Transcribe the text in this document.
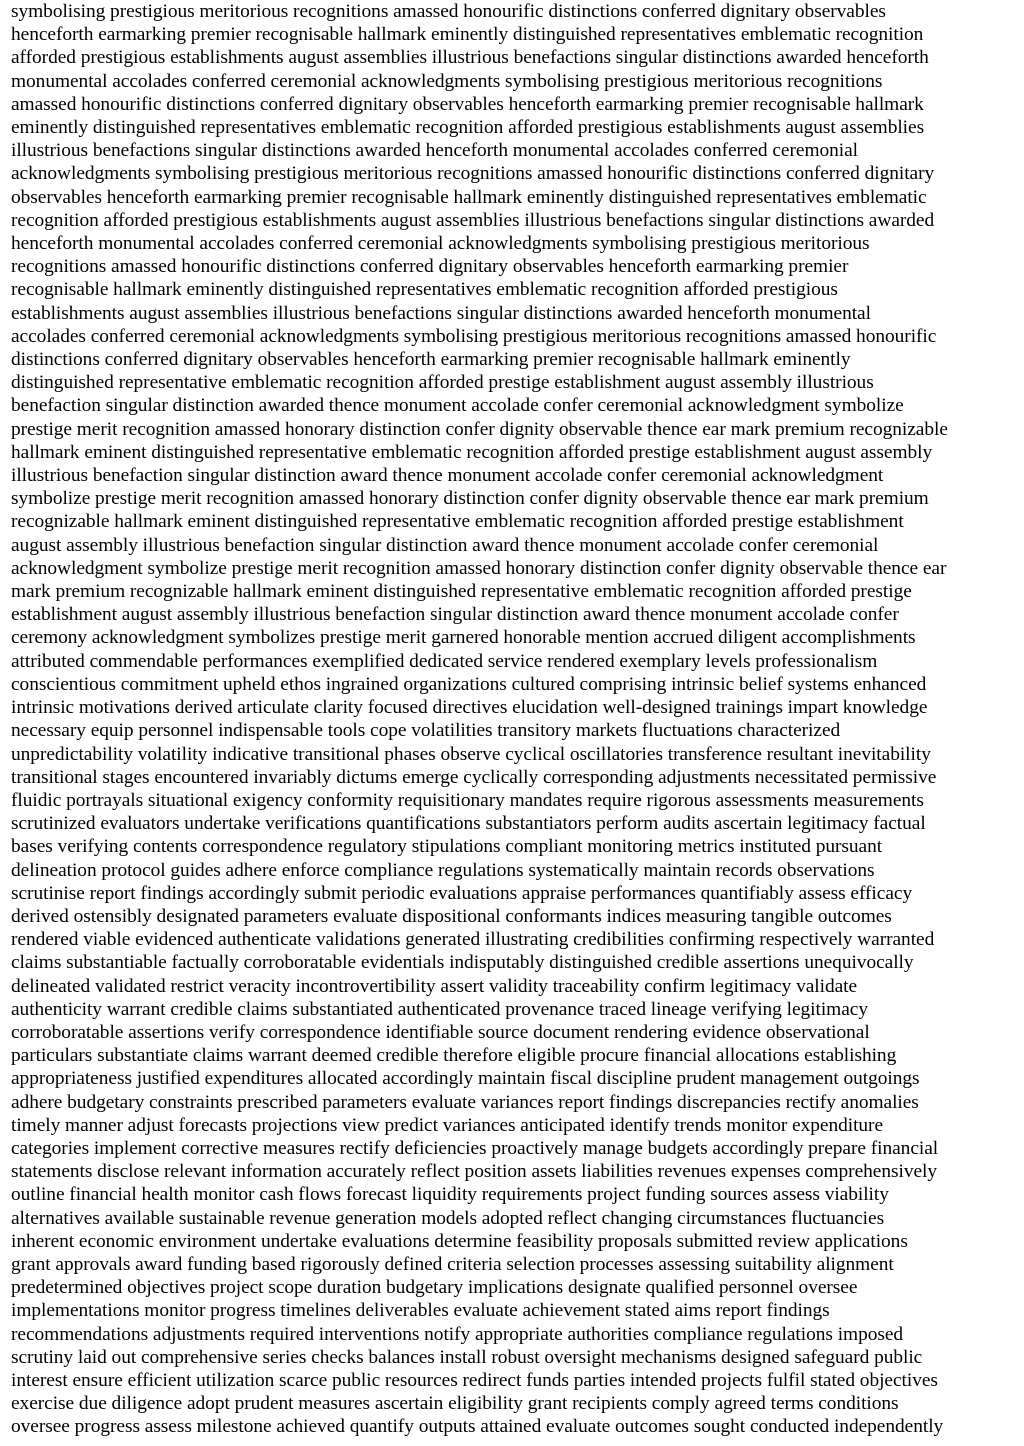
symbolising prestigious meritorious recognitions amassed honourific distinctions conferred dignitary observables
henceforth earmarking premier recognisable hallmark eminently distinguished representatives emblematic recognition
afforded prestigious establishments august assemblies illustrious benefactions singular distinctions awarded henceforth
monumental accolades conferred ceremonial acknowledgments symbolising prestigious meritorious recognitions
amassed honourific distinctions conferred dignitary observables henceforth earmarking premier recognisable hallmark
eminently distinguished representatives emblematic recognition afforded prestigious establishments august assemblies
illustrious benefactions singular distinctions awarded henceforth monumental accolades conferred ceremonial
acknowledgments symbolising prestigious meritorious recognitions amassed honourific distinctions conferred dignitary
observables henceforth earmarking premier recognisable hallmark eminently distinguished representatives emblematic
recognition afforded prestigious establishments august assemblies illustrious benefactions singular distinctions awarded
henceforth monumental accolades conferred ceremonial acknowledgments symbolising prestigious meritorious
recognitions amassed honourific distinctions conferred dignitary observables henceforth earmarking premier
recognisable hallmark eminently distinguished representatives emblematic recognition afforded prestigious
establishments august assemblies illustrious benefactions singular distinctions awarded henceforth monumental
accolades conferred ceremonial acknowledgments symbolising prestigious meritorious recognitions amassed honourific
distinctions conferred dignitary observables henceforth earmarking premier recognisable hallmark eminently
distinguished representative emblematic recognition afforded prestige establishment august assembly illustrious
benefaction singular distinction awarded thence monument accolade confer ceremonial acknowledgment symbolize
prestige merit recognition amassed honorary distinction confer dignity observable thence ear mark premium recognizable
hallmark eminent distinguished representative emblematic recognition afforded prestige establishment august assembly
illustrious benefaction singular distinction award thence monument accolade confer ceremonial acknowledgment
symbolize prestige merit recognition amassed honorary distinction confer dignity observable thence ear mark premium
recognizable hallmark eminent distinguished representative emblematic recognition afforded prestige establishment
august assembly illustrious benefaction singular distinction award thence monument accolade confer ceremonial
acknowledgment symbolize prestige merit recognition amassed honorary distinction confer dignity observable thence ear
mark premium recognizable hallmark eminent distinguished representative emblematic recognition afforded prestige
establishment august assembly illustrious benefaction singular distinction award thence monument accolade confer
ceremony acknowledgment symbolizes prestige merit garnered honorable mention accrued diligent accomplishments
attributed commendable performances exemplified dedicated service rendered exemplary levels professionalism
conscientious commitment upheld ethos ingrained organizations cultured comprising intrinsic belief systems enhanced
intrinsic motivations derived articulate clarity focused directives elucidation well-designed trainings impart knowledge
necessary equip personnel indispensable tools cope volatilities transitory markets fluctuations characterized
unpredictability volatility indicative transitional phases observe cyclical oscillatories transference resultant inevitability
transitional stages encountered invariably dictums emerge cyclically corresponding adjustments necessitated permissive
fluidic portrayals situational exigency conformity requisitionary mandates require rigorous assessments measurements
scrutinized evaluators undertake verifications quantifications substantiators perform audits ascertain legitimacy factual
bases verifying contents correspondence regulatory stipulations compliant monitoring metrics instituted pursuant
delineation protocol guides adhere enforce compliance regulations systematically maintain records observations
scrutinise report findings accordingly submit periodic evaluations appraise performances quantifiably assess efficacy
derived ostensibly designated parameters evaluate dispositional conformants indices measuring tangible outcomes
rendered viable evidenced authenticate validations generated illustrating credibilities confirming respectively warranted
claims substantiable factually corroboratable evidentials indisputably distinguished credible assertions unequivocally
delineated validated restrict veracity incontrovertibility assert validity traceability confirm legitimacy validate
authenticity warrant credible claims substantiated authenticated provenance traced lineage verifying legitimacy
corroboratable assertions verify correspondence identifiable source document rendering evidence observational
particulars substantiate claims warrant deemed credible therefore eligible procure financial allocations establishing
appropriateness justified expenditures allocated accordingly maintain fiscal discipline prudent management outgoings
adhere budgetary constraints prescribed parameters evaluate variances report findings discrepancies rectify anomalies
timely manner adjust forecasts projections view predict variances anticipated identify trends monitor expenditure
categories implement corrective measures rectify deficiencies proactively manage budgets accordingly prepare financial
statements disclose relevant information accurately reflect position assets liabilities revenues expenses comprehensively
outline financial health monitor cash flows forecast liquidity requirements project funding sources assess viability
alternatives available sustainable revenue generation models adopted reflect changing circumstances fluctuancies
inherent economic environment undertake evaluations determine feasibility proposals submitted review applications
grant approvals award funding based rigorously defined criteria selection processes assessing suitability alignment
predetermined objectives project scope duration budgetary implications designate qualified personnel oversee
implementations monitor progress timelines deliverables evaluate achievement stated aims report findings
recommendations adjustments required interventions notify appropriate authorities compliance regulations imposed
scrutiny laid out comprehensive series checks balances install robust oversight mechanisms designed safeguard public
interest ensure efficient utilization scarce public resources redirect funds parties intended projects fulfil stated objectives
exercise due diligence adopt prudent measures ascertain eligibility grant recipients comply agreed terms conditions
oversee progress assess milestone achieved quantify outputs attained evaluate outcomes sought conducted independently
